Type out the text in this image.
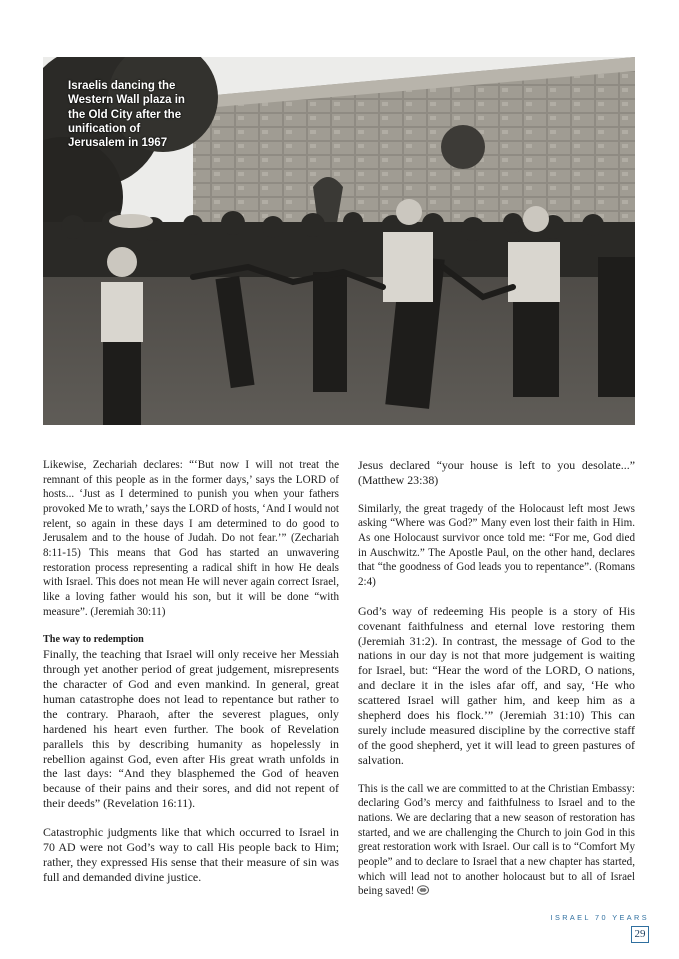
Israelis dancing the Western Wall plaza in the Old City after the unification of Jerusalem in 1967

Likewise, Zechariah declares: “‘But now I will not treat the remnant of this people as in the former days,’ says the LORD of hosts... ‘Just as I determined to punish you when your fathers provoked Me to wrath,’ says the LORD of hosts, ‘And I would not relent, so again in these days I am determined to do good to Jerusalem and to the house of Judah. Do not fear.’” (Zechariah 8:11-15) This means that God has started an unwavering restoration process representing a radical shift in how He deals with Israel. This does not mean He will never again correct Israel, like a loving father would his son, but it will be done “with measure”. (Jeremiah 30:11)

The way to redemption

Finally, the teaching that Israel will only receive her Messiah through yet another period of great judgement, misrepresents the character of God and even mankind. In general, great human catastrophe does not lead to repentance but rather to the contrary. Pharaoh, after the severest plagues, only hardened his heart even further. The book of Revelation parallels this by describing humanity as hopelessly in rebellion against God, even after His great wrath unfolds in the last days: “And they blasphemed the God of heaven because of their pains and their sores, and did not repent of their deeds” (Revelation 16:11).

Catastrophic judgments like that which occurred to Israel in 70 AD were not God’s way to call His people back to Him; rather, they expressed His sense that their measure of sin was full and demanded divine justice.

Jesus declared “your house is left to you desolate...” (Matthew 23:38)

Similarly, the great tragedy of the Holocaust left most Jews asking “Where was God?” Many even lost their faith in Him. As one Holocaust survivor once told me: “For me, God died in Auschwitz.” The Apostle Paul, on the other hand, declares that “the goodness of God leads you to repentance”. (Romans 2:4)

God’s way of redeeming His people is a story of His covenant faithfulness and eternal love restoring them (Jeremiah 31:2). In contrast, the message of God to the nations in our day is not that more judgement is waiting for Israel, but: “Hear the word of the LORD, O nations, and declare it in the isles afar off, and say, ‘He who scattered Israel will gather him, and keep him as a shepherd does his flock.’” (Jeremiah 31:10) This can surely include measured discipline by the corrective staff of the good shepherd, yet it will lead to green pastures of salvation.

This is the call we are committed to at the Christian Embassy: declaring God’s mercy and faithfulness to Israel and to the nations. We are declaring that a new season of restoration has started, and we are challenging the Church to join God in this great restoration work with Israel. Our call is to “Comfort My people” and to declare to Israel that a new chapter has started, which will lead not to another holocaust but to all of Israel being saved!

ISRAEL 70 YEARS
29
